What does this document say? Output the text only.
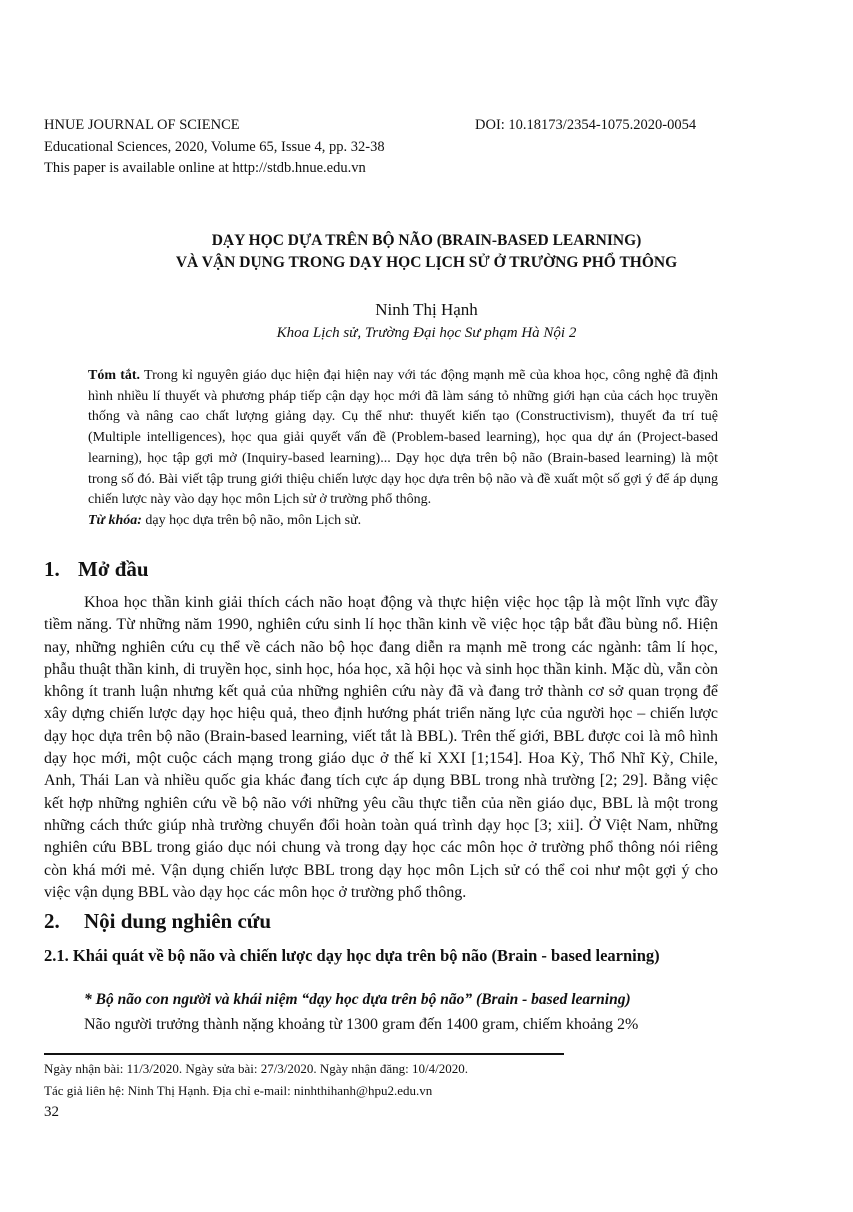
HNUE JOURNAL OF SCIENCE	DOI: 10.18173/2354-1075.2020-0054
Educational Sciences, 2020, Volume 65, Issue 4, pp. 32-38
This paper is available online at http://stdb.hnue.edu.vn
DẠY HỌC DỰA TRÊN BỘ NÃO (BRAIN-BASED LEARNING)
VÀ VẬN DỤNG TRONG DẠY HỌC LỊCH SỬ Ở TRƯỜNG PHỔ THÔNG
Ninh Thị Hạnh
Khoa Lịch sử, Trường Đại học Sư phạm Hà Nội 2
Tóm tắt. Trong kỉ nguyên giáo dục hiện đại hiện nay với tác động mạnh mẽ của khoa học, công nghệ đã định hình nhiều lí thuyết và phương pháp tiếp cận dạy học mới đã làm sáng tỏ những giới hạn của cách học truyền thống và nâng cao chất lượng giảng dạy. Cụ thể như: thuyết kiến tạo (Constructivism), thuyết đa trí tuệ (Multiple intelligences), học qua giải quyết vấn đề (Problem-based learning), học qua dự án (Project-based learning), học tập gợi mở (Inquiry-based learning)... Dạy học dựa trên bộ não (Brain-based learning) là một trong số đó. Bài viết tập trung giới thiệu chiến lược dạy học dựa trên bộ não và đề xuất một số gợi ý để áp dụng chiến lược này vào dạy học môn Lịch sử ở trường phổ thông.
Từ khóa: dạy học dựa trên bộ não, môn Lịch sử.
1. Mở đầu

Khoa học thần kinh giải thích cách não hoạt động và thực hiện việc học tập là một lĩnh vực đầy tiềm năng. Từ những năm 1990, nghiên cứu sinh lí học thần kinh về việc học tập bắt đầu bùng nổ. Hiện nay, những nghiên cứu cụ thể về cách não bộ học đang diễn ra mạnh mẽ trong các ngành: tâm lí học, phẫu thuật thần kinh, di truyền học, sinh học, hóa học, xã hội học và sinh học thần kinh. Mặc dù, vẫn còn không ít tranh luận nhưng kết quả của những nghiên cứu này đã và đang trở thành cơ sở quan trọng để xây dựng chiến lược dạy học hiệu quả, theo định hướng phát triển năng lực của người học – chiến lược dạy học dựa trên bộ não (Brain-based learning, viết tắt là BBL). Trên thế giới, BBL được coi là mô hình dạy học mới, một cuộc cách mạng trong giáo dục ở thế kỉ XXI [1;154]. Hoa Kỳ, Thổ Nhĩ Kỳ, Chile, Anh, Thái Lan và nhiều quốc gia khác đang tích cực áp dụng BBL trong nhà trường [2; 29]. Bằng việc kết hợp những nghiên cứu về bộ não với những yêu cầu thực tiễn của nền giáo dục, BBL là một trong những cách thức giúp nhà trường chuyển đổi hoàn toàn quá trình dạy học [3; xii]. Ở Việt Nam, những nghiên cứu BBL trong giáo dục nói chung và trong dạy học các môn học ở trường phổ thông nói riêng còn khá mới mẻ. Vận dụng chiến lược BBL trong dạy học môn Lịch sử có thể coi như một gợi ý cho việc vận dụng BBL vào dạy học các môn học ở trường phổ thông.

2. Nội dung nghiên cứu
2.1. Khái quát về bộ não và chiến lược dạy học dựa trên bộ não (Brain - based learning)
* Bộ não con người và khái niệm “dạy học dựa trên bộ não” (Brain - based learning)

Não người trưởng thành nặng khoảng từ 1300 gram đến 1400 gram, chiếm khoảng 2%

Ngày nhận bài: 11/3/2020. Ngày sửa bài: 27/3/2020. Ngày nhận đăng: 10/4/2020.
Tác giả liên hệ: Ninh Thị Hạnh. Địa chỉ e-mail: ninhthihanh@hpu2.edu.vn
32
